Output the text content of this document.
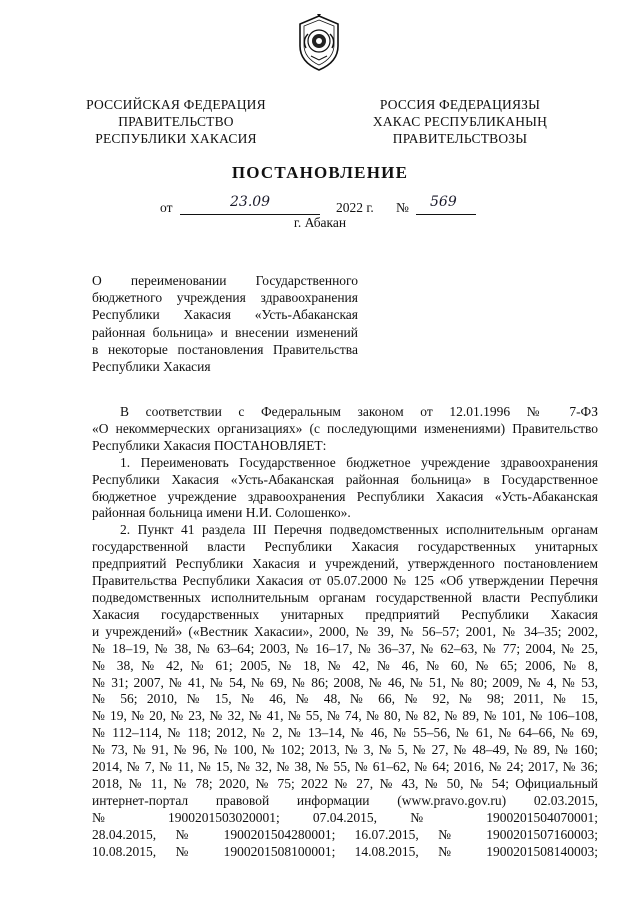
РОССИЙСКАЯ ФЕДЕРАЦИЯ
ПРАВИТЕЛЬСТВО
РЕСПУБЛИКИ ХАКАСИЯ
РОССИЯ ФЕДЕРАЦИЯЗЫ
ХАКАС РЕСПУБЛИКАНЫҢ
ПРАВИТЕЛЬСТВОЗЫ
ПОСТАНОВЛЕНИЕ
от	23.09	2022 г. № 569
г. Абакан
О переименовании Государственного
бюджетного учреждения здравоохранения
Республики Хакасия «Усть-Абаканская
районная больница» и внесении изменений
в некоторые постановления Правительства
Республики Хакасия
В соответствии с Федеральным законом от 12.01.1996 № 7-ФЗ
«О некоммерческих организациях» (с последующими изменениями) Правительство
Республики Хакасия ПОСТАНОВЛЯЕТ:
1. Переименовать Государственное бюджетное учреждение здравоохранения
Республики Хакасия «Усть-Абаканская районная больница» в Государственное
бюджетное учреждение здравоохранения Республики Хакасия «Усть-Абаканская
районная больница имени Н.И. Солошенко».
2. Пункт 41 раздела III Перечня подведомственных исполнительным органам
государственной власти Республики Хакасия государственных унитарных
предприятий Республики Хакасия и учреждений, утвержденного постановлением
Правительства Республики Хакасия от 05.07.2000 № 125 «Об утверждении Перечня
подведомственных исполнительным органам государственной власти Республики
Хакасия государственных унитарных предприятий Республики Хакасия
и учреждений» («Вестник Хакасии», 2000, № 39, № 56–57; 2001, № 34–35; 2002,
№ 18–19, № 38, № 63–64; 2003, № 16–17, № 36–37, № 62–63, № 77; 2004, № 25,
№ 38, № 42, № 61; 2005, № 18, № 42, № 46, № 60, № 65; 2006, № 8,
№ 31; 2007, № 41, № 54, № 69, № 86; 2008, № 46, № 51, № 80; 2009, № 4, № 53,
№ 56; 2010, № 15, № 46, № 48, № 66, № 92, № 98; 2011, № 15,
№ 19, № 20, № 23, № 32, № 41, № 55, № 74, № 80, № 82, № 89, № 101, № 106–108,
№ 112–114, № 118; 2012, № 2, № 13–14, № 46, № 55–56, № 61, № 64–66, № 69,
№ 73, № 91, № 96, № 100, № 102; 2013, № 3, № 5, № 27, № 48–49, № 89, № 160;
2014, № 7, № 11, № 15, № 32, № 38, № 55, № 61–62, № 64; 2016, № 24; 2017, № 36;
2018, № 11, № 78; 2020, № 75; 2022 № 27, № 43, № 50, № 54; Официальный
интернет-портал правовой информации (www.pravo.gov.ru) 02.03.2015,
№ 1900201503020001; 07.04.2015, № 1900201504070001;
28.04.2015, № 1900201504280001; 16.07.2015, № 1900201507160003;
10.08.2015, № 1900201508100001; 14.08.2015, № 1900201508140003;
